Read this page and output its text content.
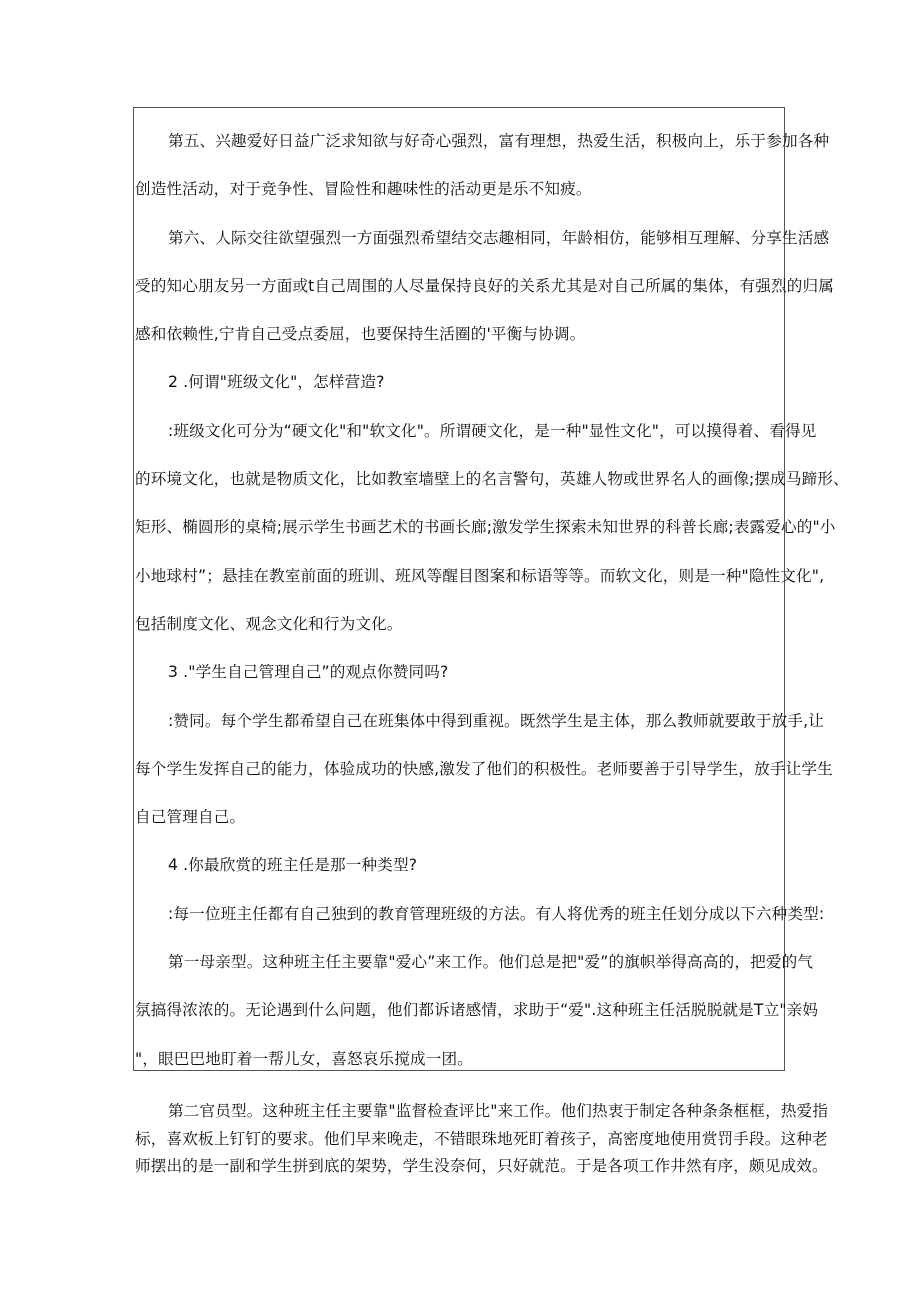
第五、兴趣爱好日益广泛求知欲与好奇心强烈，富有理想，热爱生活，积极向上，乐于参加各种
创造性活动，对于竞争性、冒险性和趣味性的活动更是乐不知疲。
第六、人际交往欲望强烈一方面强烈希望结交志趣相同，年龄相仿，能够相互理解、分享生活感
受的知心朋友另一方面或t自己周围的人尽量保持良好的关系尤其是对自己所属的集体，有强烈的归属
感和依赖性,宁肯自己受点委屈，也要保持生活圈的'平衡与协调。
2 .何谓"班级文化"，怎样营造?
:班级文化可分为“硬文化"和"软文化"。所谓硬文化，是一种"显性文化"，可以摸得着、看得见
的环境文化，也就是物质文化，比如教室墙壁上的名言警句，英雄人物或世界名人的画像;摆成马蹄形、
矩形、椭圆形的桌椅;展示学生书画艺术的书画长廊;激发学生探索未知世界的科普长廊;表露爱心的"小
小地球村”；悬挂在教室前面的班训、班风等醒目图案和标语等等。而软文化，则是一种"隐性文化",
包括制度文化、观念文化和行为文化。
3 ."学生自己管理自己”的观点你赞同吗?
:赞同。每个学生都希望自己在班集体中得到重视。既然学生是主体，那么教师就要敢于放手,让
每个学生发挥自己的能力，体验成功的快感,激发了他们的积极性。老师要善于引导学生，放手让学生
自己管理自己。
4 .你最欣赏的班主任是那一种类型?
:每一位班主任都有自己独到的教育管理班级的方法。有人将优秀的班主任划分成以下六种类型:
第一母亲型。这种班主任主要靠"爱心”来工作。他们总是把"爱”的旗帜举得高高的，把爱的气
氛搞得浓浓的。无论遇到什么问题，他们都诉诸感情，求助于“爱".这种班主任活脱脱就是T立"亲妈
"，眼巴巴地盯着一帮儿女，喜怒哀乐搅成一团。
第二官员型。这种班主任主要靠"监督检查评比"来工作。他们热衷于制定各种条条框框，热爱指
标，喜欢板上钉钉的要求。他们早来晚走，不错眼珠地死盯着孩子，高密度地使用赏罚手段。这种老
师摆出的是一副和学生拼到底的架势，学生没奈何，只好就范。于是各项工作井然有序，颇见成效。
